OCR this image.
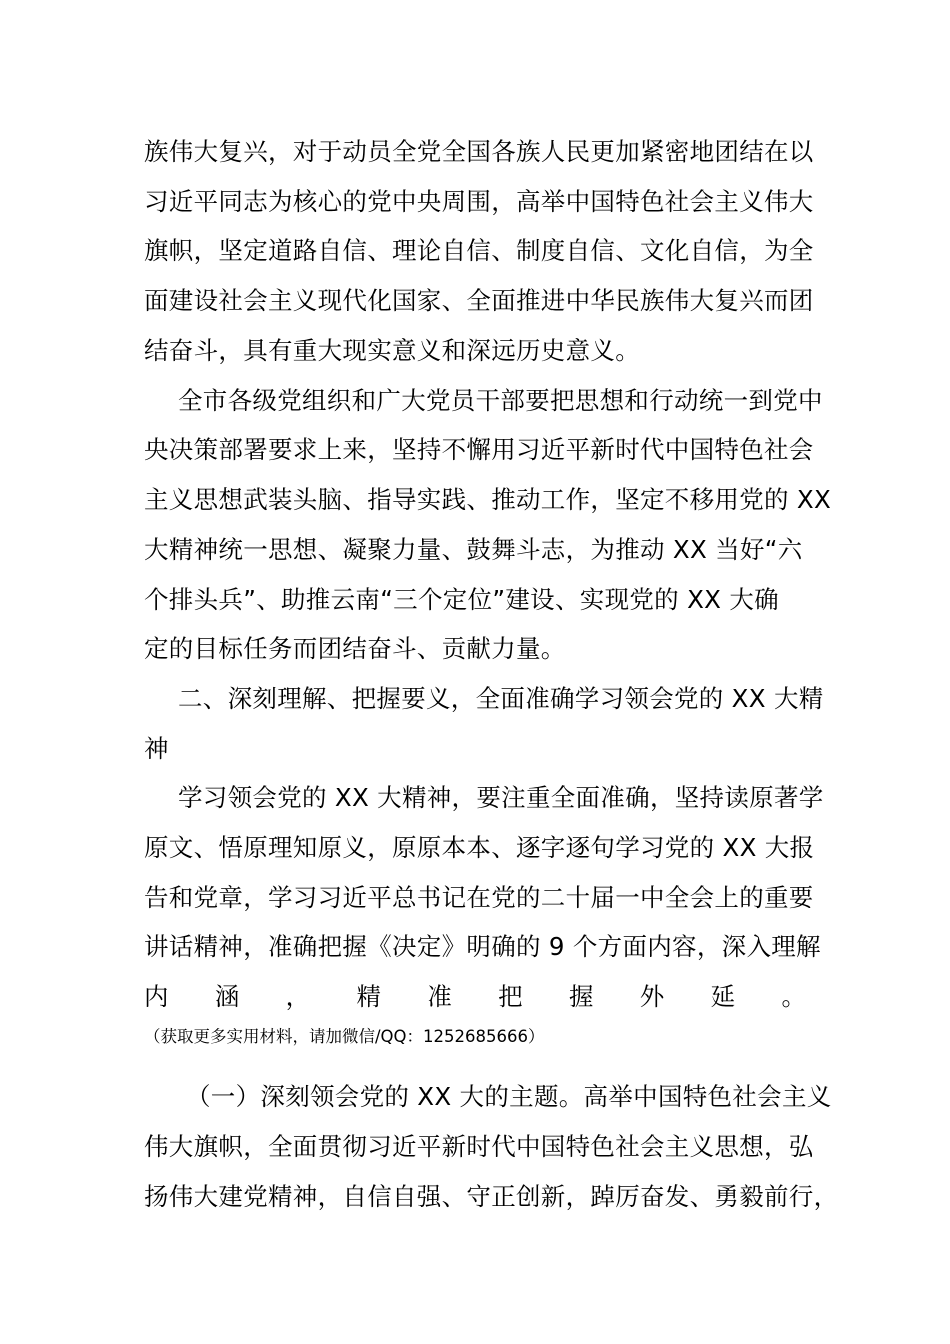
族伟大复兴，对于动员全党全国各族人民更加紧密地团结在以
习近平同志为核心的党中央周围，高举中国特色社会主义伟大
旗帜，坚定道路自信、理论自信、制度自信、文化自信，为全
面建设社会主义现代化国家、全面推进中华民族伟大复兴而团
结奋斗，具有重大现实意义和深远历史意义。
全市各级党组织和广大党员干部要把思想和行动统一到党中
央决策部署要求上来，坚持不懈用习近平新时代中国特色社会
主义思想武装头脑、指导实践、推动工作，坚定不移用党的 XX
大精神统一思想、凝聚力量、鼓舞斗志，为推动 XX 当好“六
个排头兵”、助推云南“三个定位”建设、实现党的 XX 大确
定的目标任务而团结奋斗、贡献力量。
二、深刻理解、把握要义，全面准确学习领会党的 XX 大精
神
学习领会党的 XX 大精神，要注重全面准确，坚持读原著学
原文、悟原理知原义，原原本本、逐字逐句学习党的 XX 大报
告和党章，学习习近平总书记在党的二十届一中全会上的重要
讲话精神，准确把握《决定》明确的 9 个方面内容，深入理解
内 涵 ， 精 准 把 握 外 延 。
（获取更多实用材料，请加微信/QQ：1252685666）
（一）深刻领会党的 XX 大的主题。高举中国特色社会主义
伟大旗帜，全面贯彻习近平新时代中国特色社会主义思想，弘
扬伟大建党精神，自信自强、守正创新，踔厉奋发、勇毅前行，
